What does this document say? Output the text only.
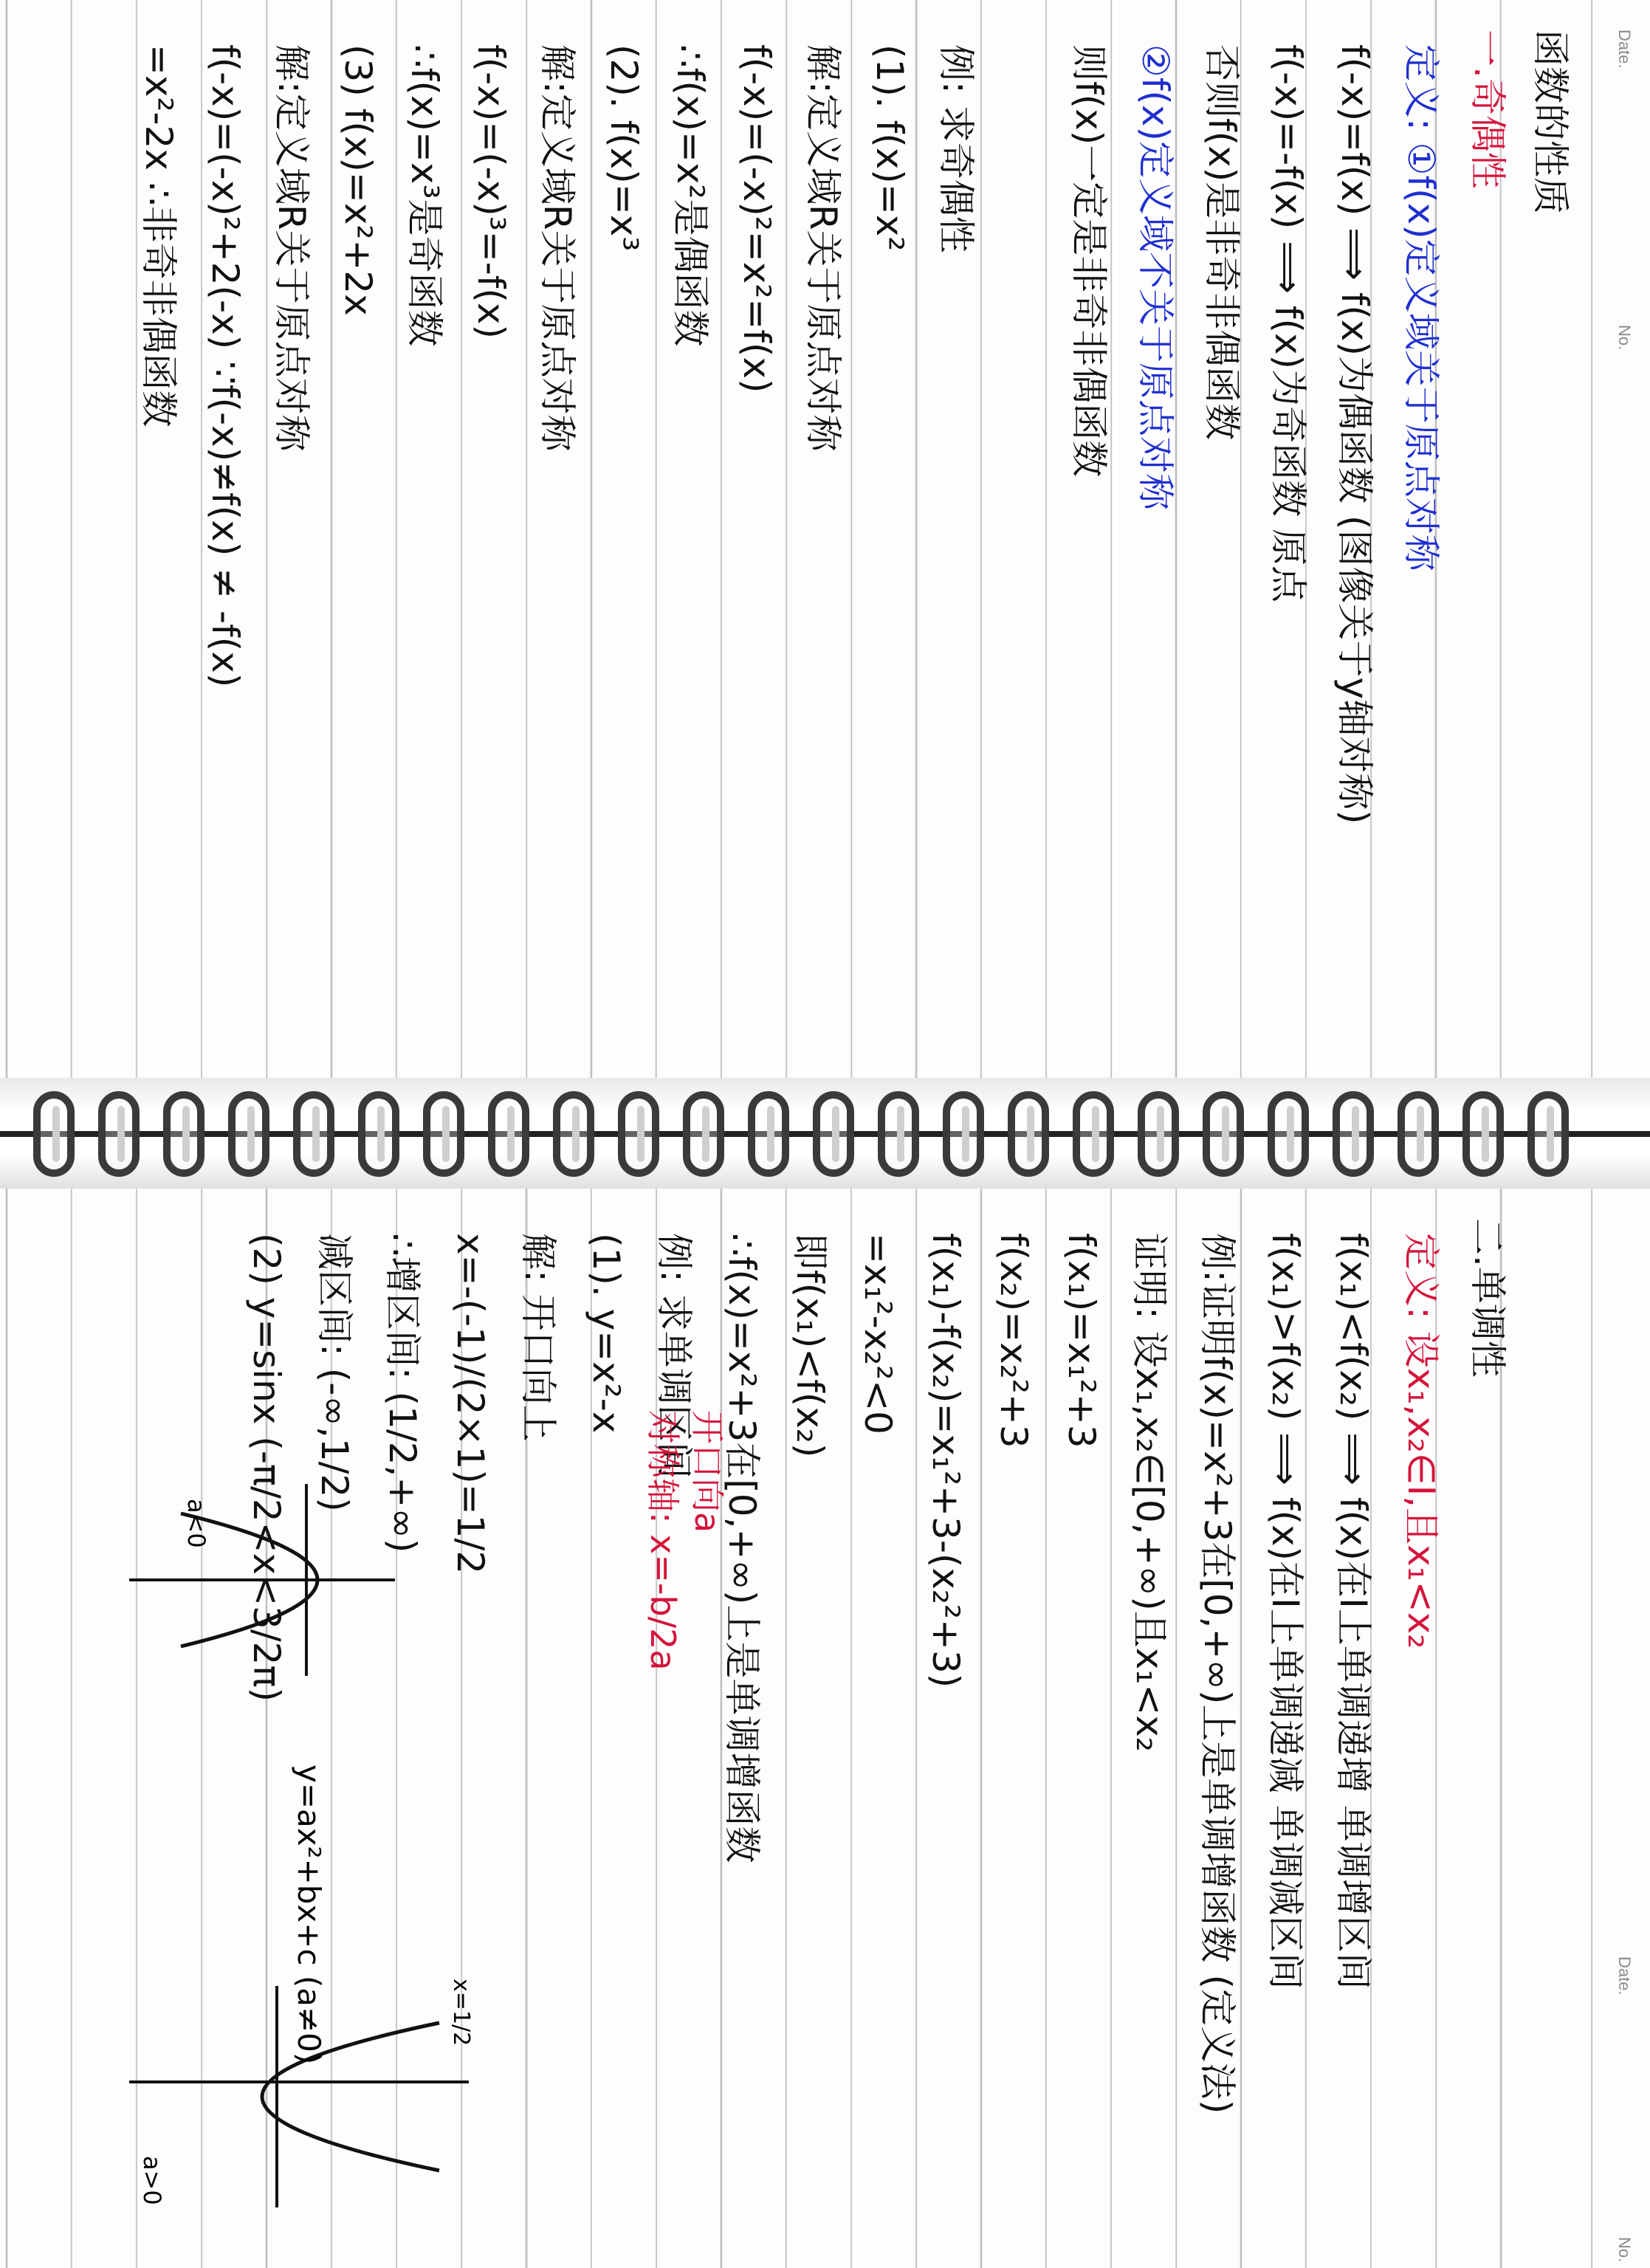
Date.
No.
函数的性质
一.奇偶性
定义: ①f(x)定义域关于原点对称
f(-x)=f(x) ⟹ f(x)为偶函数 (图像关于y轴对称)
f(-x)=-f(x) ⟹ f(x)为奇函数 原点
否则f(x)是非奇非偶函数
②f(x)定义域不关于原点对称
则f(x)一定是非奇非偶函数
例: 求奇偶性
(1). f(x)=x²
解:定义域R关于原点对称
f(-x)=(-x)²=x²=f(x)
∴f(x)=x²是偶函数
(2). f(x)=x³
解:定义域R关于原点对称
f(-x)=(-x)³=-f(x)
∴f(x)=x³是奇函数
(3) f(x)=x²+2x
解:定义域R关于原点对称
f(-x)=(-x)²+2(-x) ∵f(-x)≠f(x) ≠ -f(x)
=x²-2x ∴非奇非偶函数
Date.
No.
二.单调性
定义: 设x₁,x₂∈I,且x₁<x₂
f(x₁)<f(x₂) ⟹ f(x)在I上单调递增 单调增区间
f(x₁)>f(x₂) ⟹ f(x)在I上单调递减 单调减区间
例:证明f(x)=x²+3在[0,+∞)上是单调增函数 (定义法)
证明: 设x₁,x₂∈[0,+∞)且x₁<x₂
f(x₁)=x₁²+3
f(x₂)=x₂²+3
f(x₁)-f(x₂)=x₁²+3-(x₂²+3)
=x₁²-x₂²<0
即f(x₁)<f(x₂)
∴f(x)=x²+3在[0,+∞)上是单调增函数
例: 求单调区间
(1). y=x²-x
解: 开口向上
x=-(-1)/(2×1)=1/2
∴增区间: (1/2,+∞)
减区间: (-∞,1/2)
(2) y=sinx (-π/2<x<3/2π)	开口向a
对称轴: x=-b/2a
a<0
a>0
x=1/2
y=ax²+bx+c (a≠0)
